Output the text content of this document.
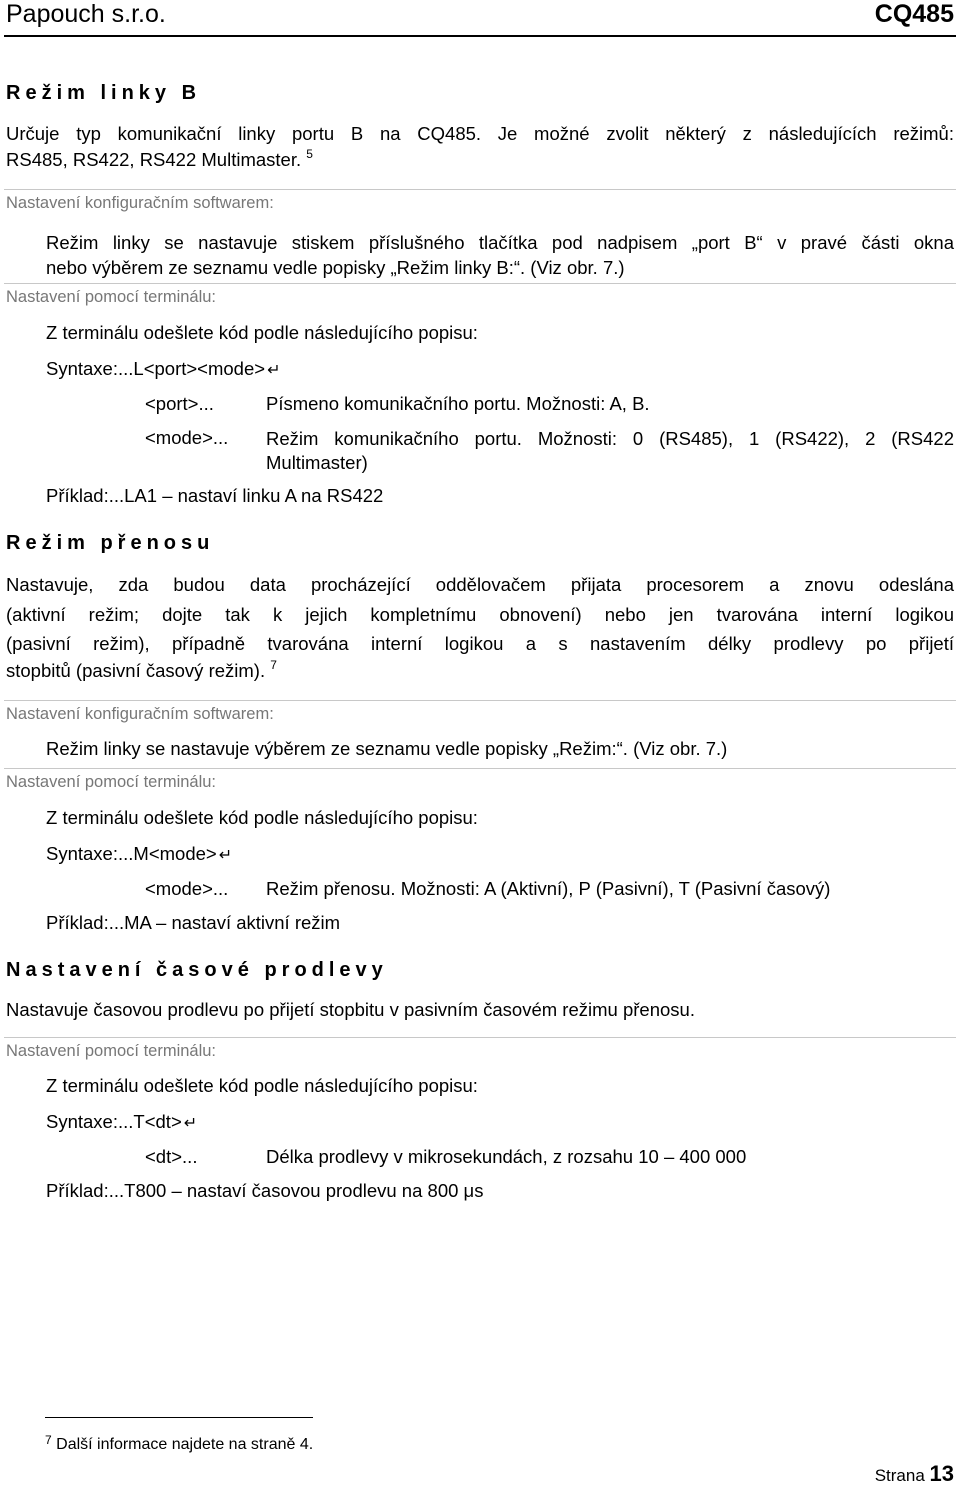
Papouch s.r.o.	CQ485
Režim linky B
Určuje typ komunikační linky portu B na CQ485. Je možné zvolit některý z následujících režimů:
RS485, RS422, RS422 Multimaster. $^5$
Nastavení konfiguračním softwarem:
Režim linky se nastavuje stiskem příslušného tlačítka pod nadpisem „port B“ v pravé části okna
nebo výběrem ze seznamu vedle popisky „Režim linky B:“. (Viz obr. 7.)
Nastavení pomocí terminálu:
Z terminálu odešlete kód podle následujícího popisu:
Syntaxe:...L<port><mode> ↵
<port>...	Písmeno komunikačního portu. Možnosti: A, B.
<mode>... Režim komunikačního portu. Možnosti: 0 (RS485), 1 (RS422), 2 (RS422
Multimaster)
Příklad:...LA1 – nastaví linku A na RS422
Režim přenosu
Nastavuje, zda budou data procházející oddělovačem přijata procesorem a znovu odeslána
(aktivní režim; dojte tak k jejich kompletnímu obnovení) nebo jen tvarována interní logikou
(pasivní režim), případně tvarována interní logikou a s nastavením délky prodlevy po přijetí
stopbitů (pasivní časový režim). $^7$
Nastavení konfiguračním softwarem:
Režim linky se nastavuje výběrem ze seznamu vedle popisky „Režim:“. (Viz obr. 7.)
Nastavení pomocí terminálu:
Z terminálu odešlete kód podle následujícího popisu:
Syntaxe:...M<mode> ↵
<mode>... Režim přenosu. Možnosti: A (Aktivní), P (Pasivní), T (Pasivní časový)
Příklad:...MA – nastaví aktivní režim
Nastavení časové prodlevy
Nastavuje časovou prodlevu po přijetí stopbitu v pasivním časovém režimu přenosu.
Nastavení pomocí terminálu:
Z terminálu odešlete kód podle následujícího popisu:
Syntaxe:...T<dt> ↵
<dt>...	Délka prodlevy v mikrosekundách, z rozsahu 10 – 400 000
Příklad:...T800 – nastaví časovou prodlevu na 800 μs
$^7$ Další informace najdete na straně 4.
Strana 13
